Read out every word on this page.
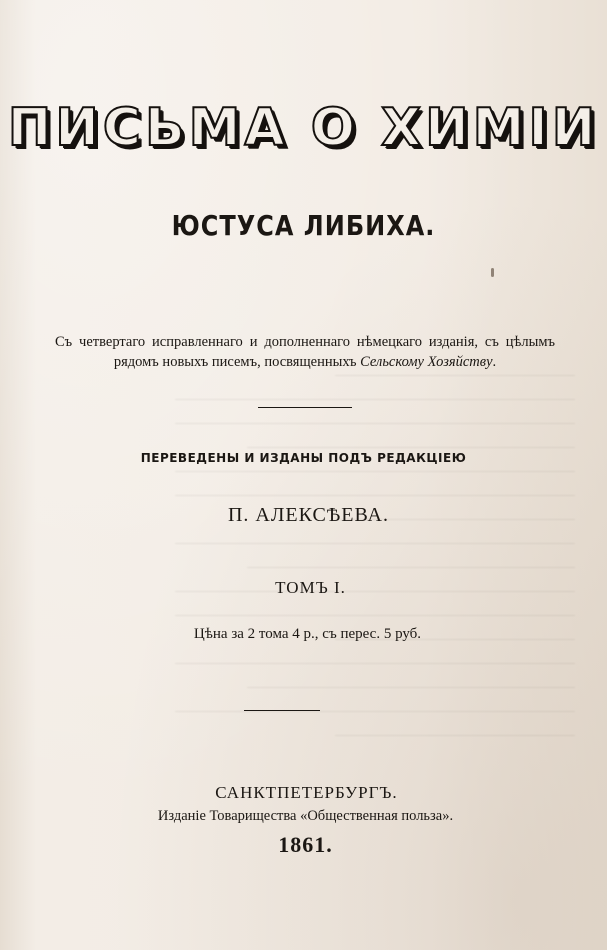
ПИСЬМА О ХИМІИ
ЮСТУСА ЛИБИХА.
Съ четвертаго исправленнаго и дополненнаго нѣмецкаго изданія, съ цѣлымъ
рядомъ новыхъ писемъ, посвященныхъ Сельскому Хозяйству.
ПЕРЕВЕДЕНЫ И ИЗДАНЫ ПОДЪ РЕДАКЦІЕЮ
П. АЛЕКСѢЕВА.
ТОМЪ I.
Цѣна за 2 тома 4 р., съ перес. 5 руб.
САНКТПЕТЕРБУРГЪ.
Изданіе Товарищества «Общественная польза».
1861.
